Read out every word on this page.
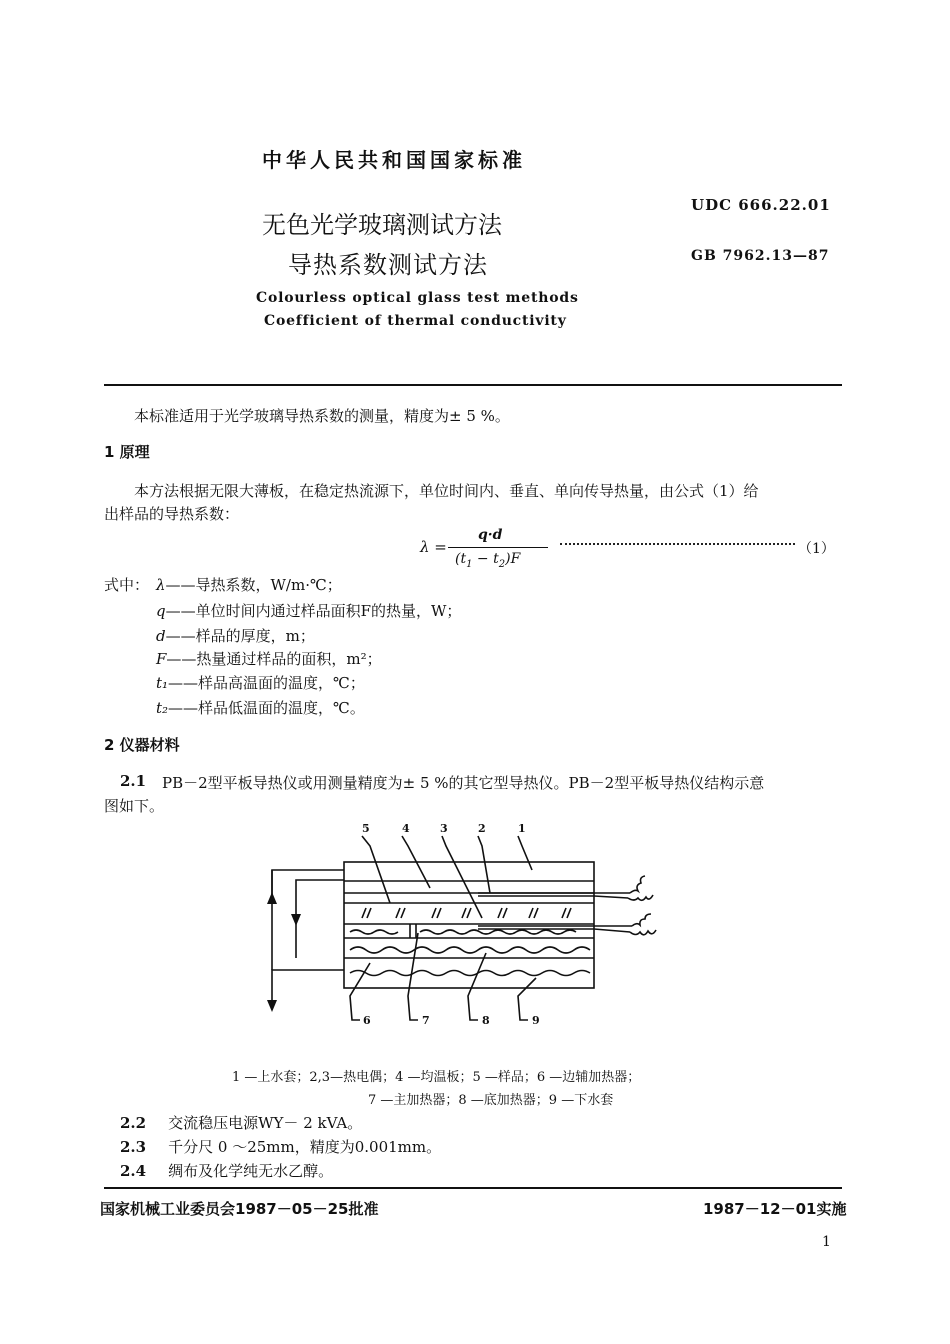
中华人民共和国国家标准
无色光学玻璃测试方法
导热系数测试方法
Colourless optical glass test methods
Coefficient of thermal conductivity
UDC 666.22.01
GB 7962.13—87
本标准适用于光学玻璃导热系数的测量，精度为± 5 %。
1 原理
本方法根据无限大薄板，在稳定热流源下，单位时间内、垂直、单向传导热量，由公式（1）给
出样品的导热系数：
λ =
q·d
$(t_1 - t_2)F$
（1）
式中： λ——导热系数，W/m·℃；
q——单位时间内通过样品面积F的热量，W；
d——样品的厚度，m；
F——热量通过样品的面积，m²；
t₁——样品高温面的温度，℃；
t₂——样品低温面的温度，℃。
2 仪器材料
2.1 PB－2型平板导热仪或用测量精度为± 5 %的其它型导热仪。PB－2型平板导热仪结构示意
图如下。
5	4	3	2	1
6	7	8	9
1 —上水套；2,3—热电偶；4 —均温板；5 —样品；6 —边辅加热器；
7 —主加热器；8 —底加热器；9 —下水套
2.2 交流稳压电源WY－ 2 kVA。
2.3 千分尺 0 ～25mm，精度为0.001mm。
2.4 绸布及化学纯无水乙醇。
国家机械工业委员会1987－05－25批准	1987－12－01实施
1
